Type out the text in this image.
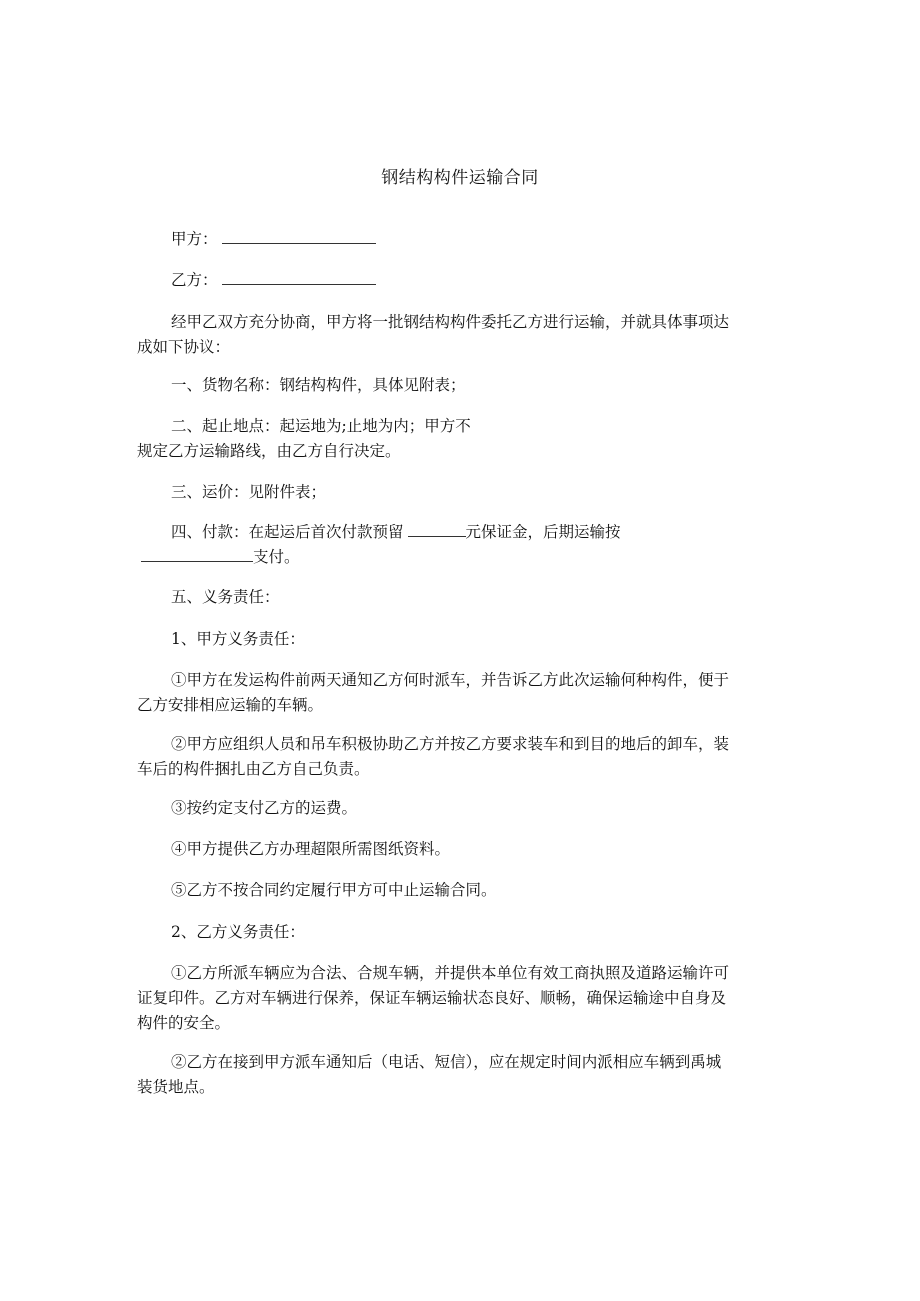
钢结构构件运输合同
甲方：
乙方：
经甲乙双方充分协商，甲方将一批钢结构构件委托乙方进行运输，并就具体事项达
成如下协议：
一、货物名称：钢结构构件，具体见附表；
二、起止地点：起运地为;止地为内；甲方不
规定乙方运输路线，由乙方自行决定。
三、运价：见附件表；
四、付款：在起运后首次付款预留	元保证金，后期运输按
支付。
五、义务责任：
1、甲方义务责任：
①甲方在发运构件前两天通知乙方何时派车，并告诉乙方此次运输何种构件，便于
乙方安排相应运输的车辆。
②甲方应组织人员和吊车积极协助乙方并按乙方要求装车和到目的地后的卸车，装
车后的构件捆扎由乙方自己负责。
③按约定支付乙方的运费。
④甲方提供乙方办理超限所需图纸资料。
⑤乙方不按合同约定履行甲方可中止运输合同。
2、乙方义务责任：
①乙方所派车辆应为合法、合规车辆，并提供本单位有效工商执照及道路运输许可
证复印件。乙方对车辆进行保养，保证车辆运输状态良好、顺畅，确保运输途中自身及
构件的安全。
②乙方在接到甲方派车通知后（电话、短信），应在规定时间内派相应车辆到禹城
装货地点。
